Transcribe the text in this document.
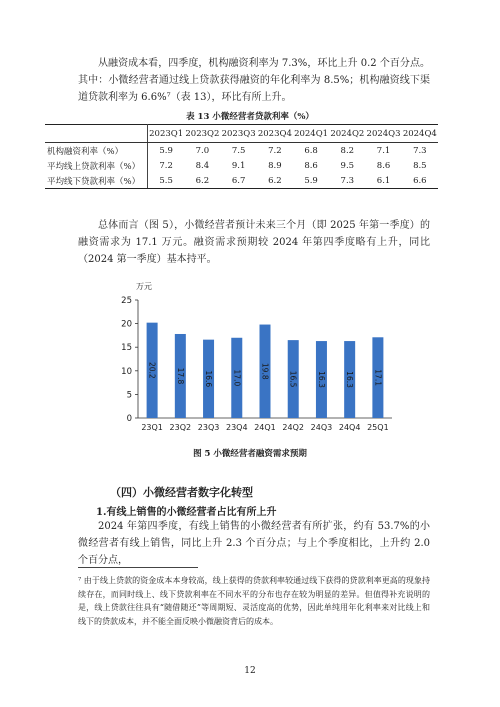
从融资成本看，四季度，机构融资利率为 7.3%，环比上升 0.2 个百分点。其中：小微经营者通过线上贷款获得融资的年化利率为 8.5%；机构融资线下渠道贷款利率为 6.6%⁷（表 13），环比有所上升。

表 13 小微经营者贷款利率（%）
	2023Q1	2023Q2	2023Q3	2023Q4	2024Q1	2024Q2	2024Q3	2024Q4
机构融资利率（%）	5.9	7.0	7.5	7.2	6.8	8.2	7.1	7.3
平均线上贷款利率（%）	7.2	8.4	9.1	8.9	8.6	9.5	8.6	8.5
平均线下贷款利率（%）	5.5	6.2	6.7	6.2	5.9	7.3	6.1	6.6

总体而言（图 5），小微经营者预计未来三个月（即 2025 年第一季度）的融资需求为 17.1 万元。融资需求预期较 2024 年第四季度略有上升，同比（2024 第一季度）基本持平。

万元
0
5
10
15
20
25
20.2
23Q1
17.8
23Q2
16.6
23Q3
17.0
23Q4
19.8
24Q1
16.5
24Q2
16.3
24Q3
16.3
24Q4
17.1
25Q1
图 5 小微经营者融资需求预期
（四）小微经营者数字化转型
1.有线上销售的小微经营者占比有所上升

2024 年第四季度，有线上销售的小微经营者有所扩张，约有 53.7%的小微经营者有线上销售，同比上升 2.3 个百分点；与上个季度相比，上升约 2.0 个百分点，

⁷ 由于线上贷款的资金成本本身较高，线上获得的贷款利率较通过线下获得的贷款利率更高的现象持续存在，而同时线上、线下贷款利率在不同水平的分布也存在较为明显的差异。但值得补充说明的是，线上贷款往往具有“随借随还”等周期短、灵活度高的优势，因此单纯用年化利率来对比线上和线下的贷款成本，并不能全面反映小微融资背后的成本。

12
